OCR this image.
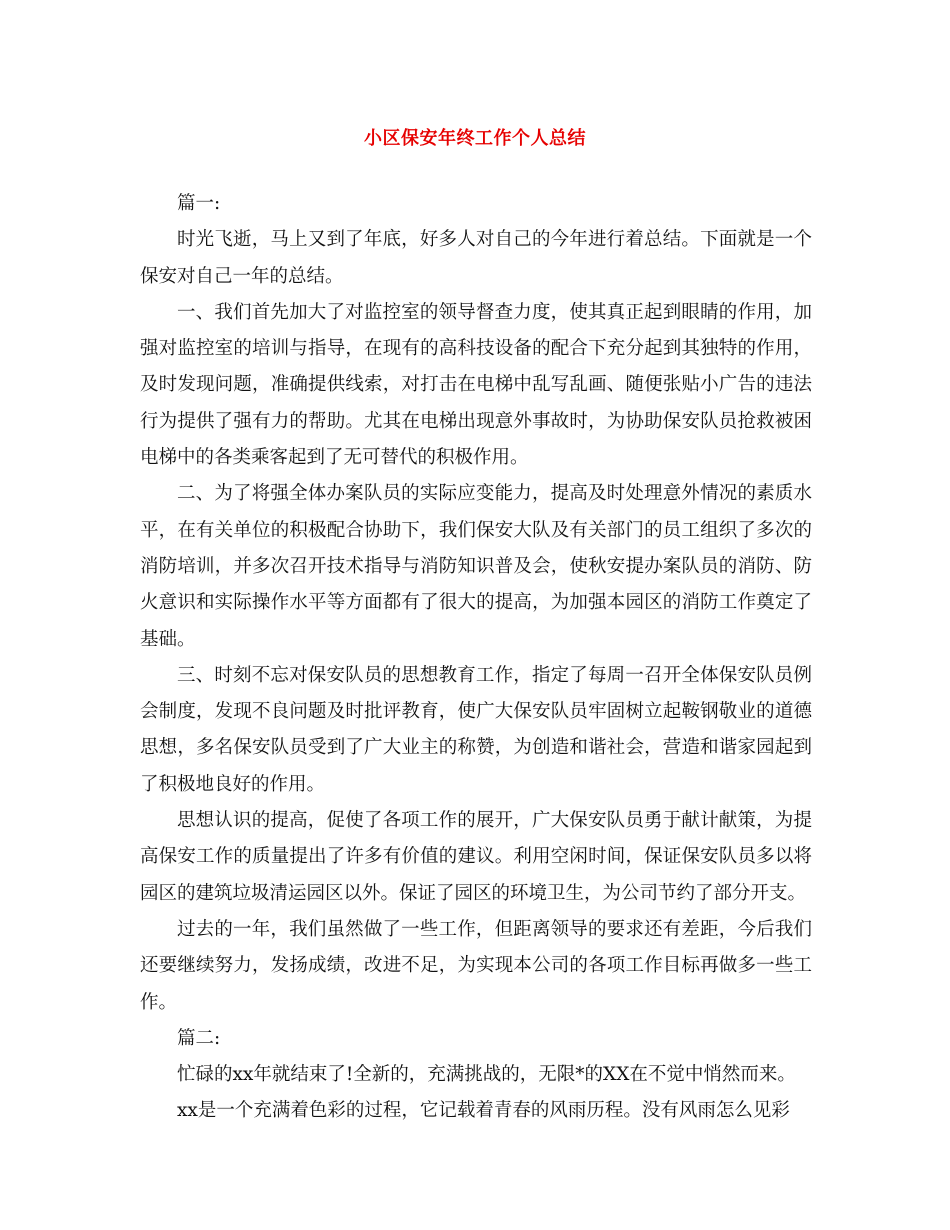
小区保安年终工作个人总结

篇一:

时光飞逝，马上又到了年底，好多人对自己的今年进行着总结。下面就是一个保安对自己一年的总结。

一、我们首先加大了对监控室的领导督查力度，使其真正起到眼睛的作用，加强对监控室的培训与指导，在现有的高科技设备的配合下充分起到其独特的作用，及时发现问题，准确提供线索，对打击在电梯中乱写乱画、随便张贴小广告的违法行为提供了强有力的帮助。尤其在电梯出现意外事故时，为协助保安队员抢救被困电梯中的各类乘客起到了无可替代的积极作用。

二、为了将强全体办案队员的实际应变能力，提高及时处理意外情况的素质水平，在有关单位的积极配合协助下，我们保安大队及有关部门的员工组织了多次的消防培训，并多次召开技术指导与消防知识普及会，使秋安提办案队员的消防、防火意识和实际操作水平等方面都有了很大的提高，为加强本园区的消防工作奠定了基础。

三、时刻不忘对保安队员的思想教育工作，指定了每周一召开全体保安队员例会制度，发现不良问题及时批评教育，使广大保安队员牢固树立起鞍钢敬业的道德思想，多名保安队员受到了广大业主的称赞，为创造和谐社会，营造和谐家园起到了积极地良好的作用。

思想认识的提高，促使了各项工作的展开，广大保安队员勇于献计献策，为提高保安工作的质量提出了许多有价值的建议。利用空闲时间，保证保安队员多以将园区的建筑垃圾清运园区以外。保证了园区的环境卫生，为公司节约了部分开支。

过去的一年，我们虽然做了一些工作，但距离领导的要求还有差距，今后我们还要继续努力，发扬成绩，改进不足，为实现本公司的各项工作目标再做多一些工作。

篇二:

忙碌的xx年就结束了!全新的，充满挑战的，无限*的XX在不觉中悄然而来。

xx是一个充满着色彩的过程，它记载着青春的风雨历程。没有风雨怎么见彩
